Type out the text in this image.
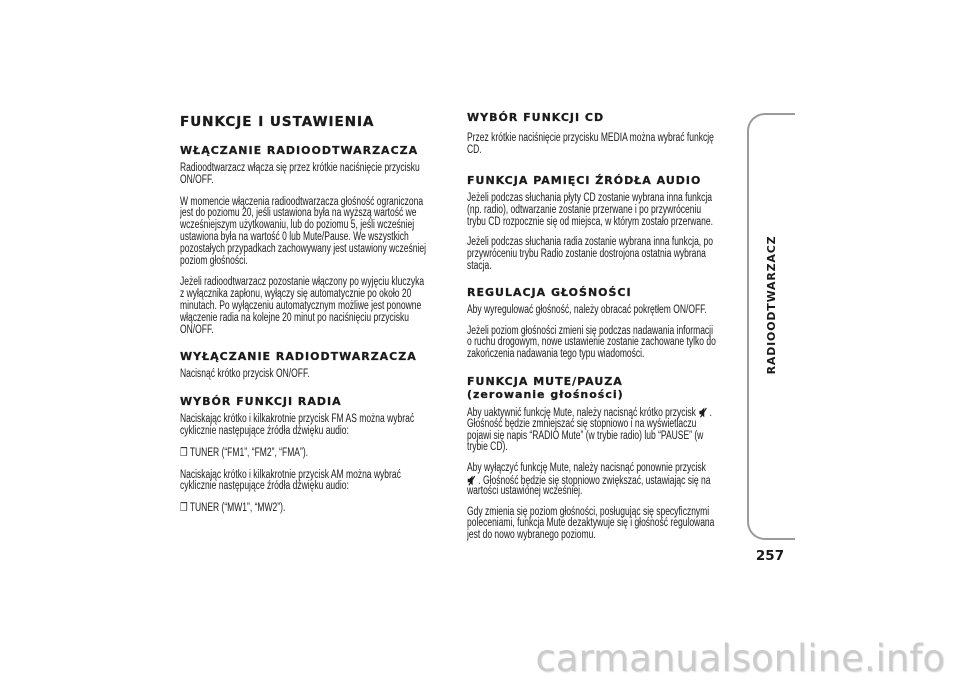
FUNKCJE I USTAWIENIA
WŁĄCZANIE RADIOODTWARZACZA
Radioodtwarzacz włącza się przez krótkie naciśnięcie przycisku
ON/OFF.
W momencie włączenia radioodtwarzacza głośność ograniczona
jest do poziomu 20, jeśli ustawiona była na wyższą wartość we
wcześniejszym użytkowaniu, lub do poziomu 5, jeśli wcześniej
ustawiona była na wartość 0 lub Mute/Pause. We wszystkich
pozostałych przypadkach zachowywany jest ustawiony wcześniej
poziom głośności.
Jeżeli radioodtwarzacz pozostanie włączony po wyjęciu kluczyka
z wyłącznika zapłonu, wyłączy się automatycznie po około 20
minutach. Po wyłączeniu automatycznym możliwe jest ponowne
włączenie radia na kolejne 20 minut po naciśnięciu przycisku
ON/OFF.
WYŁĄCZANIE RADIODTWARZACZA
Nacisnąć krótko przycisk ON/OFF.
WYBÓR FUNKCJI RADIA
Naciskając krótko i kilkakrotnie przycisk FM AS można wybrać
cyklicznie następujące źródła dźwięku audio:
❒ TUNER (“FM1”, “FM2”, “FMA”).
Naciskając krótko i kilkakrotnie przycisk AM można wybrać
cyklicznie następujące źródła dźwięku audio:
❒ TUNER (“MW1”, “MW2”).
WYBÓR FUNKCJI CD
Przez krótkie naciśnięcie przycisku MEDIA można wybrać funkcję
CD.
FUNKCJA PAMIĘCI ŹRÓDŁA AUDIO
Jeżeli podczas słuchania płyty CD zostanie wybrana inna funkcja
(np. radio), odtwarzanie zostanie przerwane i po przywróceniu
trybu CD rozpocznie się od miejsca, w którym zostało przerwane.
Jeżeli podczas słuchania radia zostanie wybrana inna funkcja, po
przywróceniu trybu Radio zostanie dostrojona ostatnia wybrana
stacja.
REGULACJA GŁOŚNOŚCI
Aby wyregulować głośność, należy obracać pokrętłem ON/OFF.
Jeżeli poziom głośności zmieni się podczas nadawania informacji
o ruchu drogowym, nowe ustawienie zostanie zachowane tylko do
zakończenia nadawania tego typu wiadomości.
FUNKCJA MUTE/PAUZA
(zerowanie głośności)
Aby uaktywnić funkcję Mute, należy nacisnąć krótko przycisk
.
Głośność będzie zmniejszać się stopniowo i na wyświetlaczu
pojawi się napis “RADIO Mute” (w trybie radio) lub “PAUSE” (w
trybie CD).
Aby wyłączyć funkcję Mute, należy nacisnąć ponownie przycisk
. Głośność będzie się stopniowo zwiększać, ustawiając się na
wartości ustawionej wcześniej.
Gdy zmienia się poziom głośności, posługując się specyficznymi
poleceniami, funkcja Mute dezaktywuje się i głośność regulowana
jest do nowo wybranego poziomu.
RADIOODTWARZACZ
257
carmanualsonline.info
